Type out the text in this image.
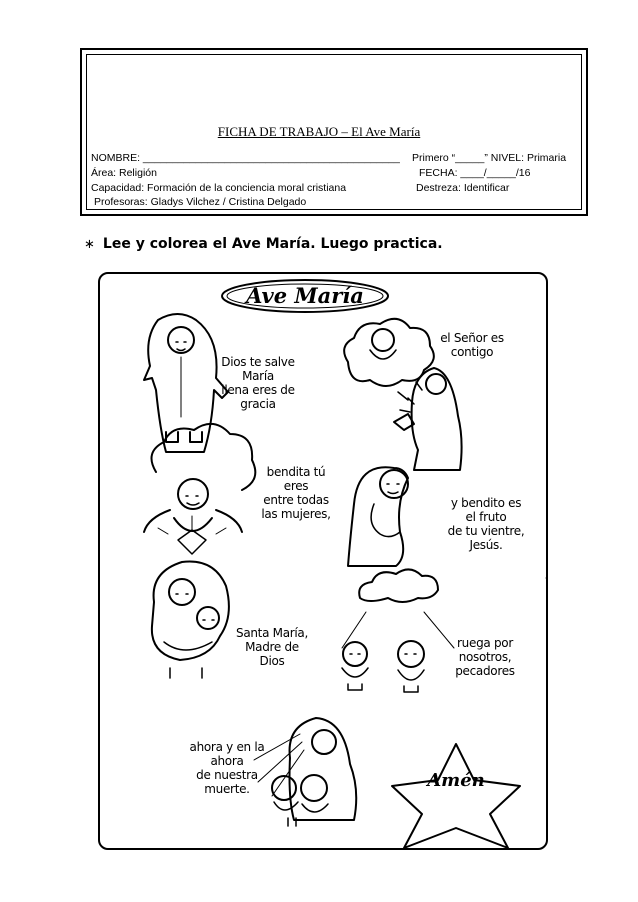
FICHA DE TRABAJO – El Ave María
NOMBRE: ____________________________________________ Primero “_____” NIVEL: Primaria
Área: Religión	FECHA: ____/_____/16
Capacidad: Formación de la conciencia moral cristiana	Destreza: Identificar
Profesoras: Gladys Vilchez / Cristina Delgado
∗ Lee y colorea el Ave María. Luego practica.
Ave María
Dios te salve
María
llena eres de
gracia
el Señor es
contigo
bendita tú
eres
entre todas
las mujeres,
y bendito es
el fruto
de tu vientre,
Jesús.
Santa María,
Madre de
Dios
ruega por
nosotros,
pecadores
ahora y en la
ahora
de nuestra
muerte.	Amén
